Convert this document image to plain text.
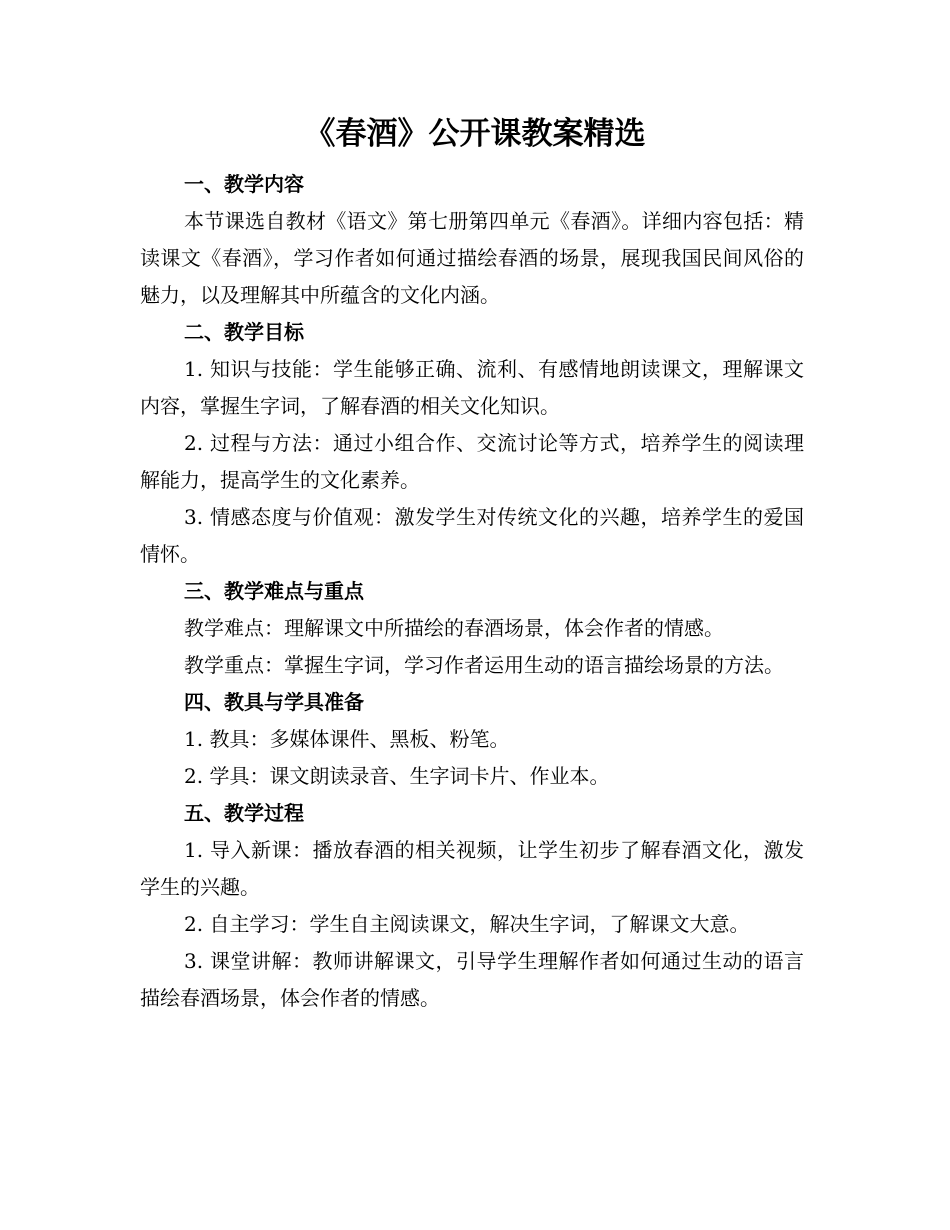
《春酒》公开课教案精选
一、教学内容

本节课选自教材《语文》第七册第四单元《春酒》。详细内容包括：精读课文《春酒》，学习作者如何通过描绘春酒的场景，展现我国民间风俗的魅力，以及理解其中所蕴含的文化内涵。

二、教学目标

1. 知识与技能：学生能够正确、流利、有感情地朗读课文，理解课文内容，掌握生字词，了解春酒的相关文化知识。

2. 过程与方法：通过小组合作、交流讨论等方式，培养学生的阅读理解能力，提高学生的文化素养。

3. 情感态度与价值观：激发学生对传统文化的兴趣，培养学生的爱国情怀。

三、教学难点与重点

教学难点：理解课文中所描绘的春酒场景，体会作者的情感。

教学重点：掌握生字词，学习作者运用生动的语言描绘场景的方法。

四、教具与学具准备

1. 教具：多媒体课件、黑板、粉笔。

2. 学具：课文朗读录音、生字词卡片、作业本。

五、教学过程

1. 导入新课：播放春酒的相关视频，让学生初步了解春酒文化，激发学生的兴趣。

2. 自主学习：学生自主阅读课文，解决生字词，了解课文大意。

3. 课堂讲解：教师讲解课文，引导学生理解作者如何通过生动的语言描绘春酒场景，体会作者的情感。
